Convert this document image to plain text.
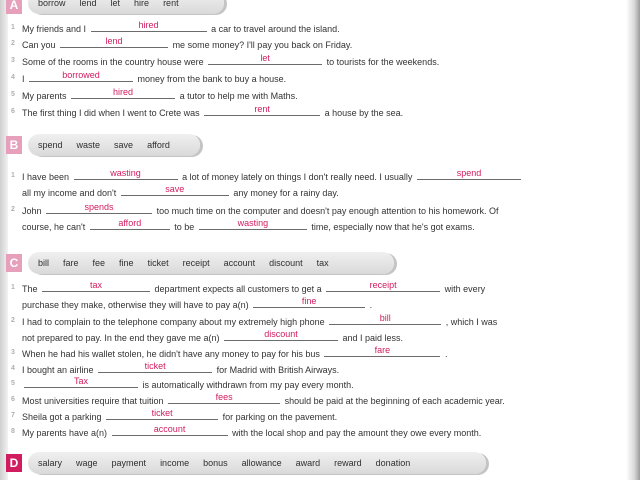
A	borrow lend let hire rent
1 My friends and I	hired	a car to travel around the island.
2 Can you	lend	me some money? I'll pay you back on Friday.
3 Some of the rooms in the country house were	let	to tourists for the weekends.
4 I	borrowed	money from the bank to buy a house.
5 My parents	hired	a tutor to help me with Maths.
6 The first thing I did when I went to Crete was	rent	a house by the sea.
B	spend waste save afford
1 I have been	wasting	a lot of money lately on things I don't really need. I usually	spend
all my income and don't	save	any money for a rainy day.
2 John	spends	too much time on the computer and doesn't pay enough attention to his homework. Of
course, he can't	afford	to be	wasting	time, especially now that he's got exams.
C	bill fare fee fine ticket receipt account discount tax
1 The	tax	department expects all customers to get a	receipt	with every
purchase they make, otherwise they will have to pay a(n)	fine	.
2 I had to complain to the telephone company about my extremely high phone	bill	, which I was
not prepared to pay. In the end they gave me a(n)	discount	and I paid less.
3 When he had his wallet stolen, he didn't have any money to pay for his bus	fare	.
4 I bought an airline	ticket	for Madrid with British Airways.
5	Tax	is automatically withdrawn from my pay every month.
6 Most universities require that tuition	fees	should be paid at the beginning of each academic year.
7 Sheila got a parking	ticket	for parking on the pavement.
8 My parents have a(n)	account	with the local shop and pay the amount they owe every month.
D	salary wage payment income bonus allowance award reward donation
